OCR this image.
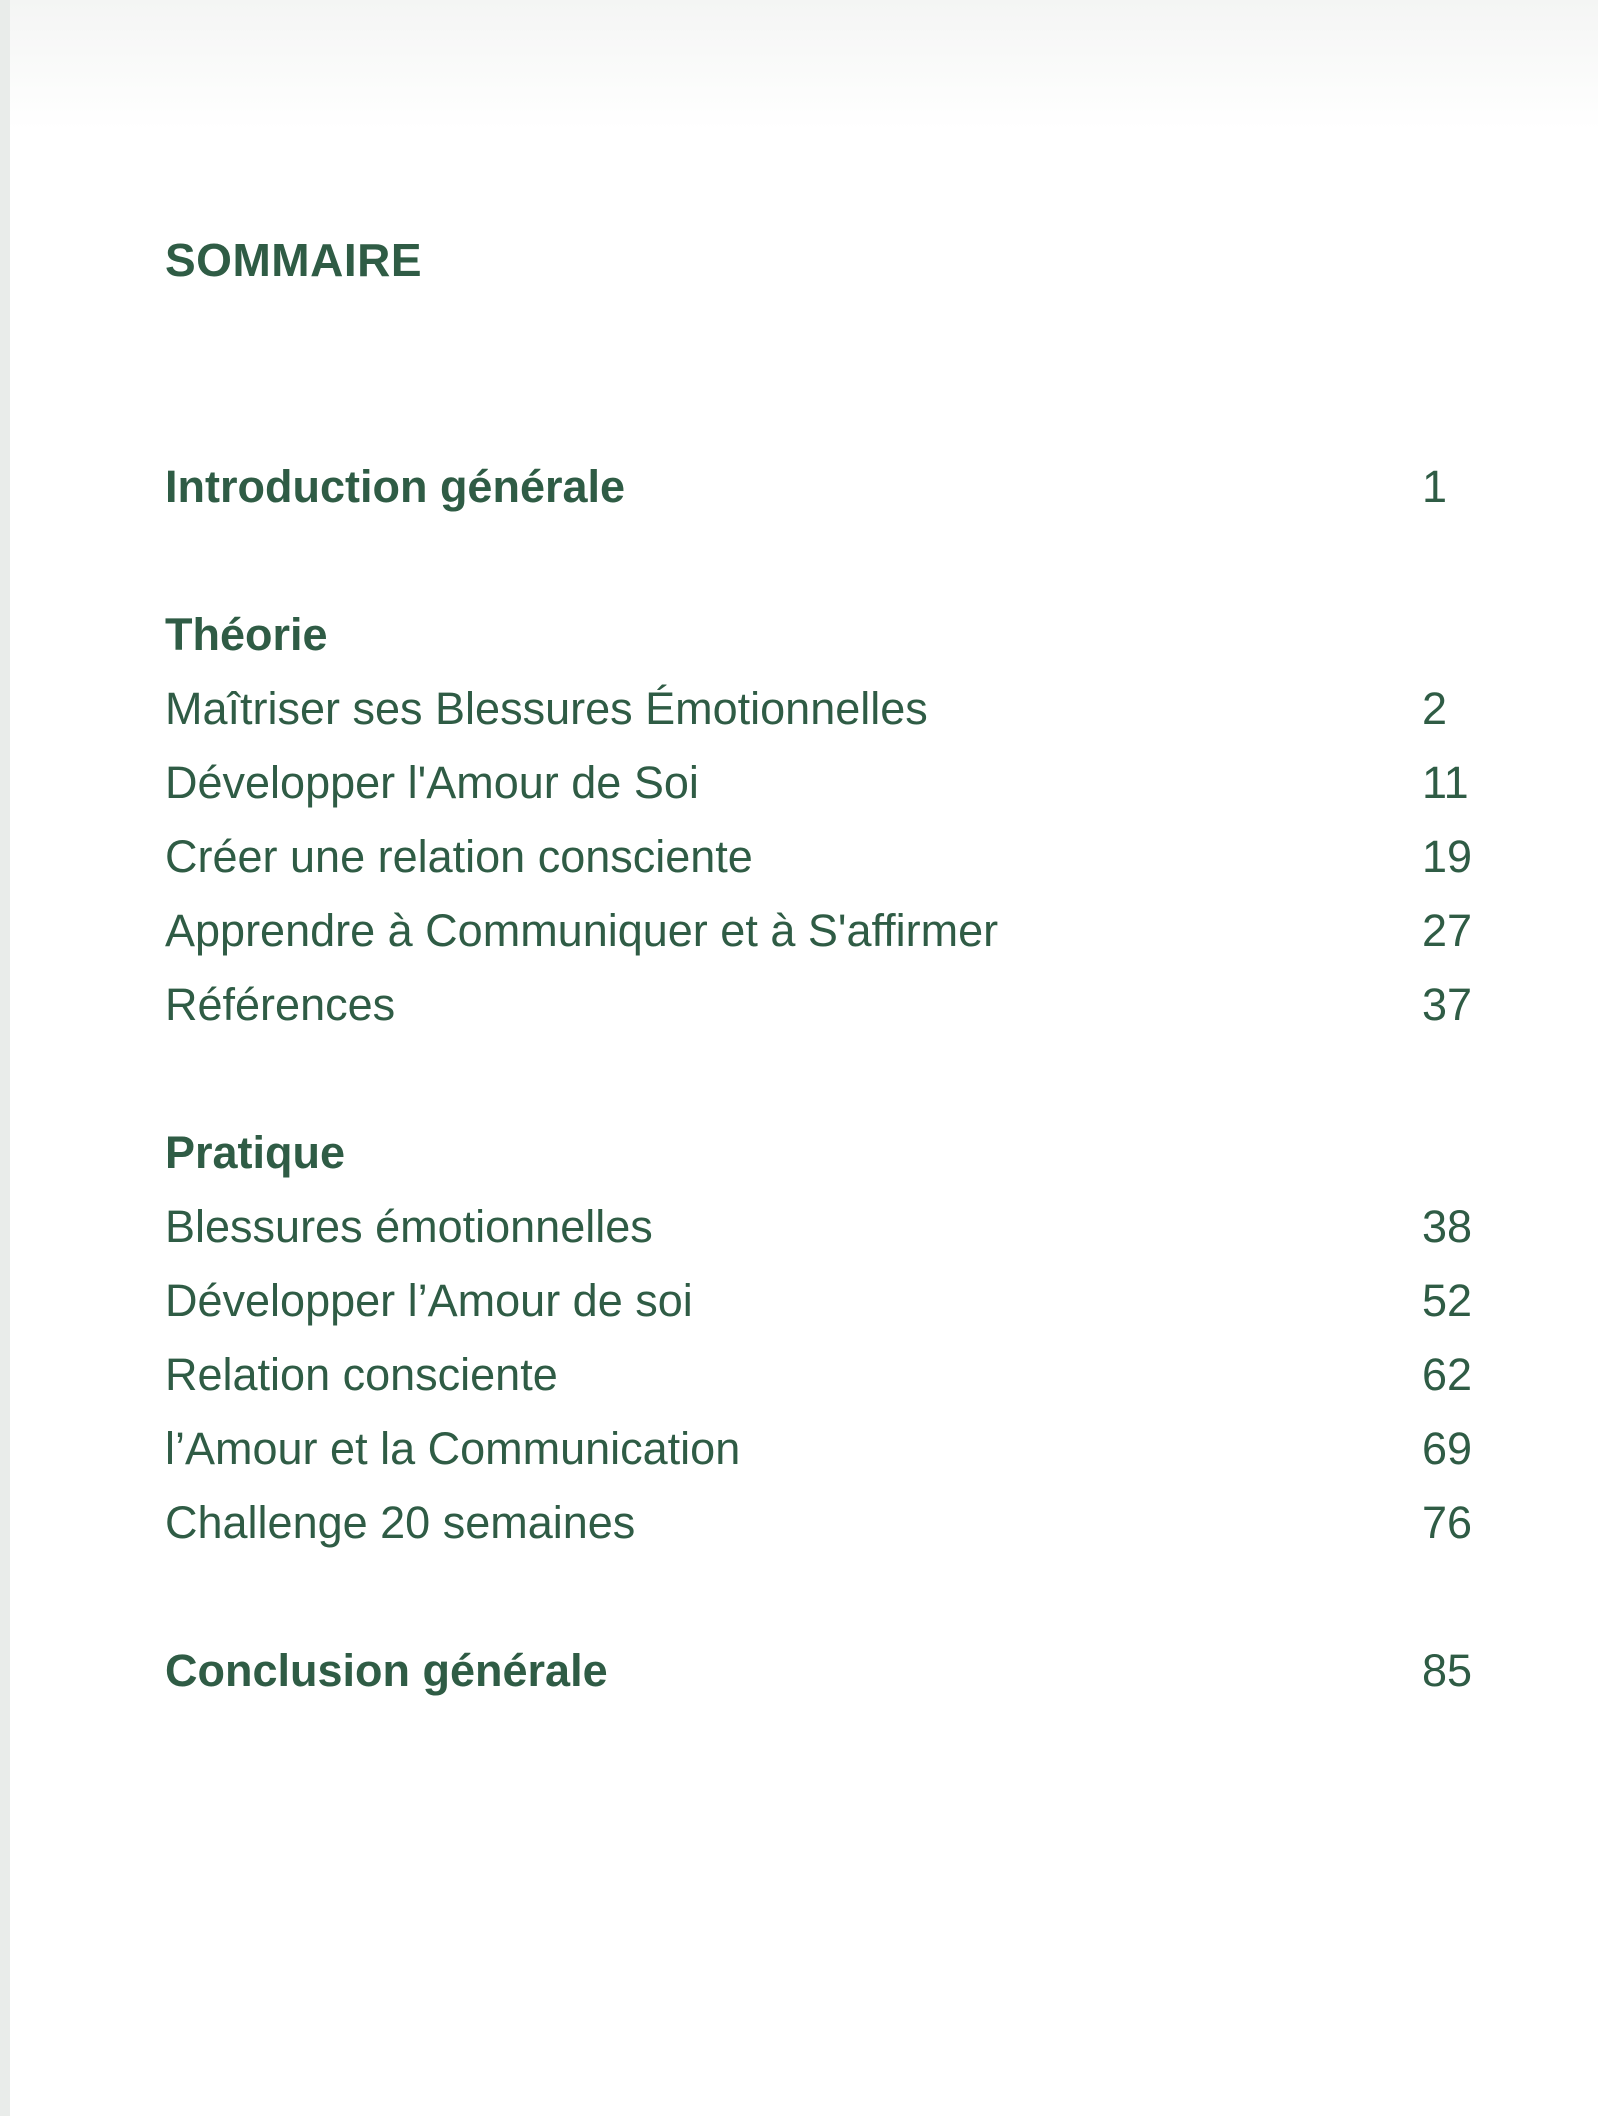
SOMMAIRE
Introduction générale	1
Théorie
Maîtriser ses Blessures Émotionnelles	2
Développer l'Amour de Soi	11
Créer une relation consciente	19
Apprendre à Communiquer et à S'affirmer	27
Références	37
Pratique
Blessures émotionnelles	38
Développer l’Amour de soi	52
Relation consciente	62
l’Amour et la Communication	69
Challenge 20 semaines	76
Conclusion générale	85
